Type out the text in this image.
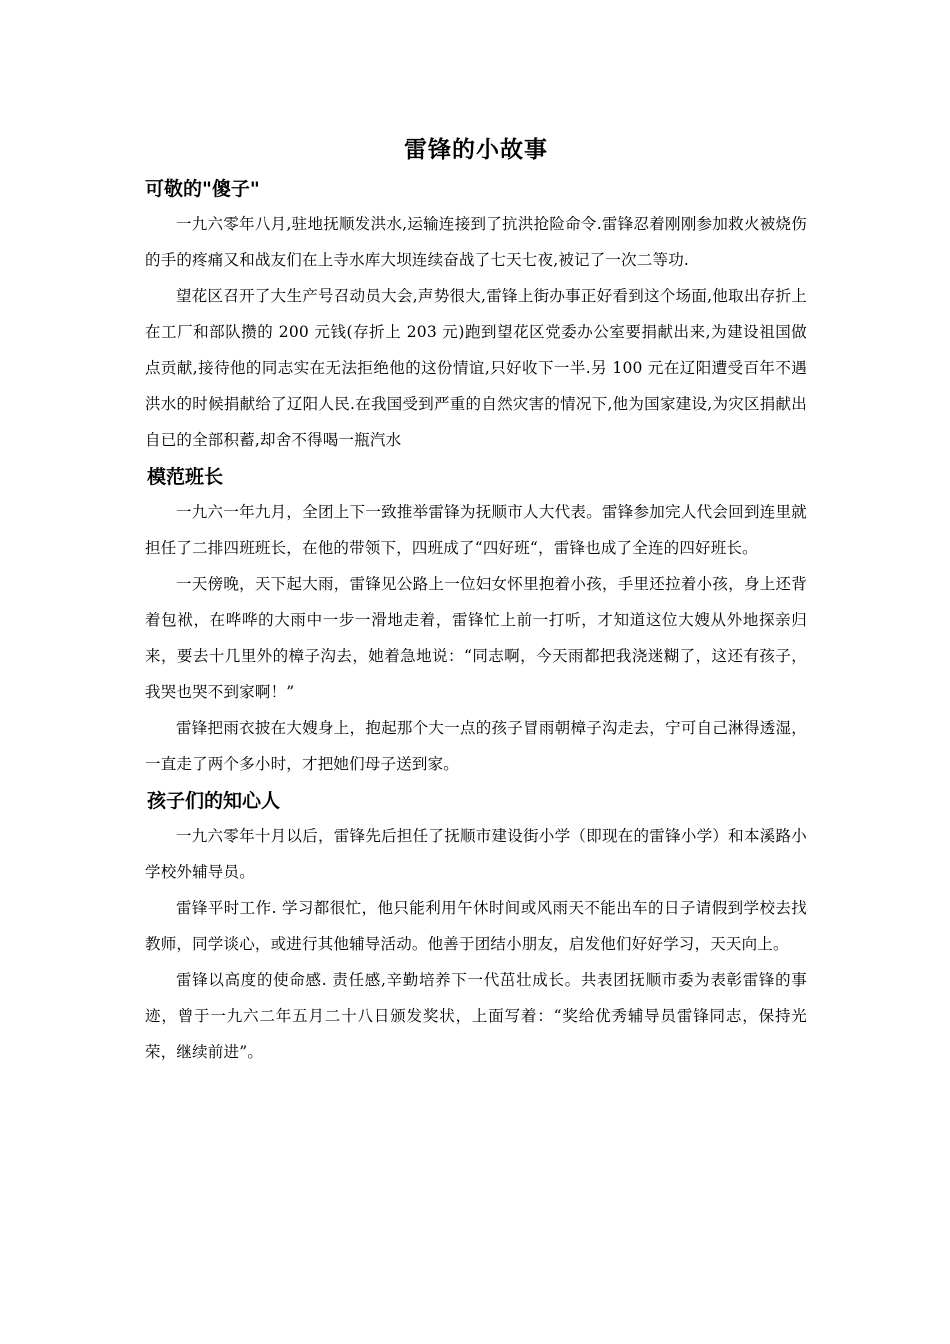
雷锋的小故事
可敬的"傻子"

一九六零年八月,驻地抚顺发洪水,运输连接到了抗洪抢险命令.雷锋忍着刚刚参加救火被烧伤的手的疼痛又和战友们在上寺水库大坝连续奋战了七天七夜,被记了一次二等功.

望花区召开了大生产号召动员大会,声势很大,雷锋上街办事正好看到这个场面,他取出存折上在工厂和部队攒的 200 元钱(存折上 203 元)跑到望花区党委办公室要捐献出来,为建设祖国做点贡献,接待他的同志实在无法拒绝他的这份情谊,只好收下一半.另 100 元在辽阳遭受百年不遇洪水的时候捐献给了辽阳人民.在我国受到严重的自然灾害的情况下,他为国家建设,为灾区捐献出自已的全部积蓄,却舍不得喝一瓶汽水

模范班长

一九六一年九月，全团上下一致推举雷锋为抚顺市人大代表。雷锋参加完人代会回到连里就担任了二排四班班长，在他的带领下，四班成了“四好班“，雷锋也成了全连的四好班长。

一天傍晚，天下起大雨，雷锋见公路上一位妇女怀里抱着小孩，手里还拉着小孩，身上还背着包袱，在哗哗的大雨中一步一滑地走着，雷锋忙上前一打听，才知道这位大嫂从外地探亲归来，要去十几里外的樟子沟去，她着急地说：“同志啊，今天雨都把我浇迷糊了，这还有孩子，我哭也哭不到家啊！”

雷锋把雨衣披在大嫂身上，抱起那个大一点的孩子冒雨朝樟子沟走去，宁可自己淋得透湿，一直走了两个多小时，才把她们母子送到家。

孩子们的知心人

一九六零年十月以后，雷锋先后担任了抚顺市建设街小学（即现在的雷锋小学）和本溪路小学校外辅导员。

雷锋平时工作. 学习都很忙，他只能利用午休时间或风雨天不能出车的日子请假到学校去找教师，同学谈心，或进行其他辅导活动。他善于团结小朋友，启发他们好好学习，天天向上。

雷锋以高度的使命感. 责任感,辛勤培养下一代茁壮成长。共表团抚顺市委为表彰雷锋的事迹，曾于一九六二年五月二十八日颁发奖状，上面写着：“奖给优秀辅导员雷锋同志，保持光荣，继续前进”。
